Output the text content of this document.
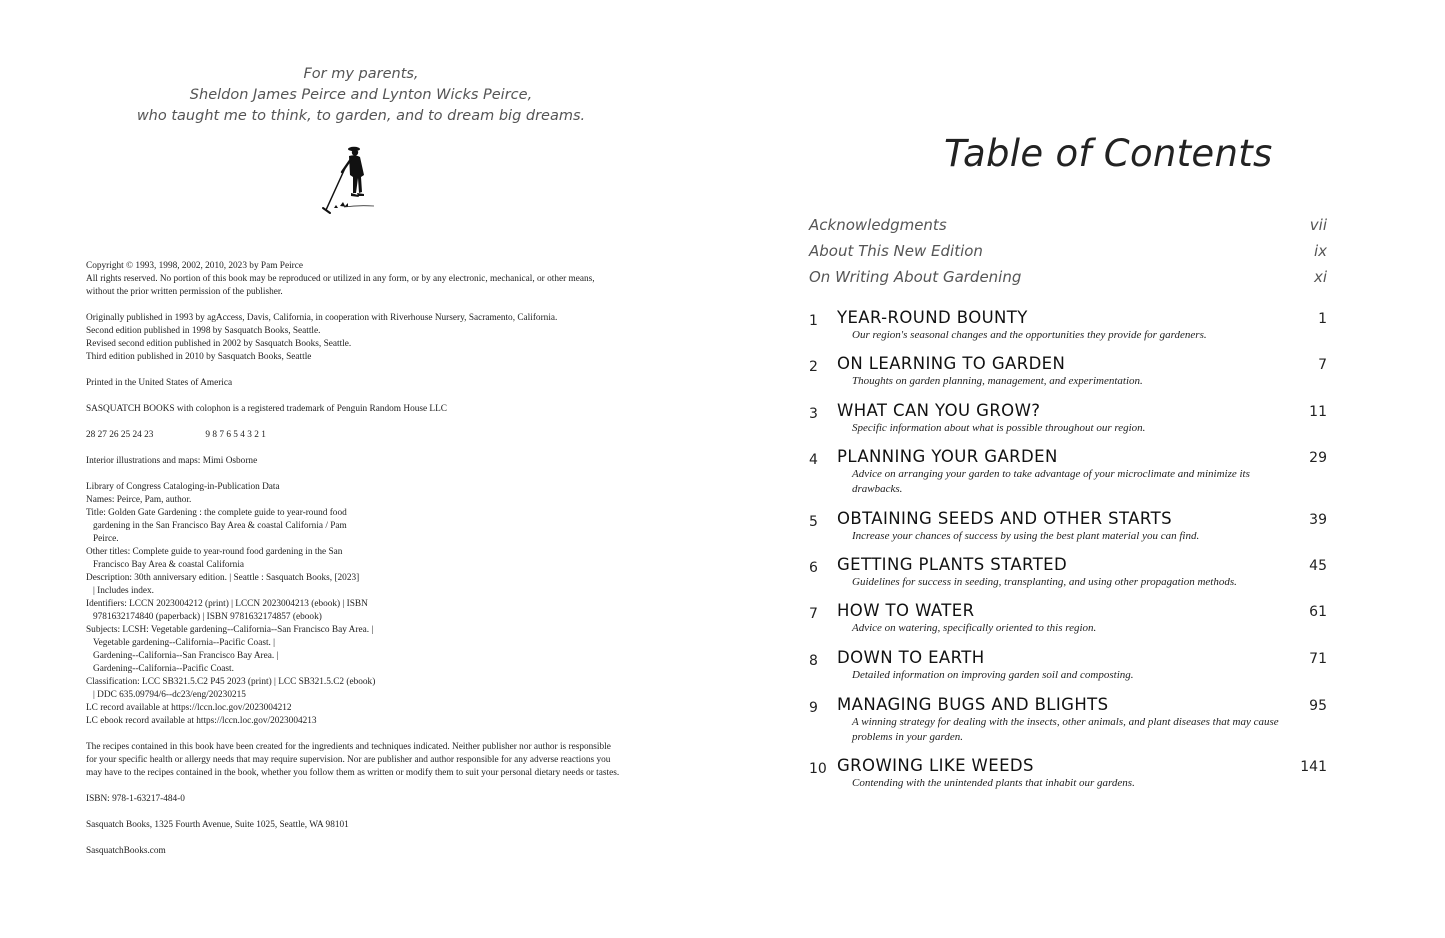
For my parents,
Sheldon James Peirce and Lynton Wicks Peirce,
who taught me to think, to garden, and to dream big dreams.
Copyright © 1993, 1998, 2002, 2010, 2023 by Pam Peirce
All rights reserved. No portion of this book may be reproduced or utilized in any form, or by any electronic, mechanical, or other means,
without the prior written permission of the publisher.
Originally published in 1993 by agAccess, Davis, California, in cooperation with Riverhouse Nursery, Sacramento, California.
Second edition published in 1998 by Sasquatch Books, Seattle.
Revised second edition published in 2002 by Sasquatch Books, Seattle.
Third edition published in 2010 by Sasquatch Books, Seattle
Printed in the United States of America
SASQUATCH BOOKS with colophon is a registered trademark of Penguin Random House LLC
28 27 26 25 24 23	9 8 7 6 5 4 3 2 1
Interior illustrations and maps: Mimi Osborne
Library of Congress Cataloging-in-Publication Data
Names: Peirce, Pam, author.
Title: Golden Gate Gardening : the complete guide to year-round food
gardening in the San Francisco Bay Area & coastal California / Pam
Peirce.
Other titles: Complete guide to year-round food gardening in the San
Francisco Bay Area & coastal California
Description: 30th anniversary edition. | Seattle : Sasquatch Books, [2023]
| Includes index.
Identifiers: LCCN 2023004212 (print) | LCCN 2023004213 (ebook) | ISBN
9781632174840 (paperback) | ISBN 9781632174857 (ebook)
Subjects: LCSH: Vegetable gardening--California--San Francisco Bay Area. |
Vegetable gardening--California--Pacific Coast. |
Gardening--California--San Francisco Bay Area. |
Gardening--California--Pacific Coast.
Classification: LCC SB321.5.C2 P45 2023 (print) | LCC SB321.5.C2 (ebook)
| DDC 635.09794/6--dc23/eng/20230215
LC record available at https://lccn.loc.gov/2023004212
LC ebook record available at https://lccn.loc.gov/2023004213
The recipes contained in this book have been created for the ingredients and techniques indicated. Neither publisher nor author is responsible
for your specific health or allergy needs that may require supervision. Nor are publisher and author responsible for any adverse reactions you
may have to the recipes contained in the book, whether you follow them as written or modify them to suit your personal dietary needs or tastes.
ISBN: 978-1-63217-484-0
Sasquatch Books, 1325 Fourth Avenue, Suite 1025, Seattle, WA 98101
SasquatchBooks.com
Table of Contents
Acknowledgments	vii
About This New Edition	ix
On Writing About Gardening	xi
1 YEAR-ROUND BOUNTY	1
Our region's seasonal changes and the opportunities they provide for gardeners.
2 ON LEARNING TO GARDEN	7
Thoughts on garden planning, management, and experimentation.
3 WHAT CAN YOU GROW?	11
Specific information about what is possible throughout our region.
4 PLANNING YOUR GARDEN	29
Advice on arranging your garden to take advantage of your microclimate and minimize its drawbacks.
5 OBTAINING SEEDS AND OTHER STARTS	39
Increase your chances of success by using the best plant material you can find.
6 GETTING PLANTS STARTED	45
Guidelines for success in seeding, transplanting, and using other propagation methods.
7 HOW TO WATER	61
Advice on watering, specifically oriented to this region.
8 DOWN TO EARTH	71
Detailed information on improving garden soil and composting.
9 MANAGING BUGS AND BLIGHTS	95
A winning strategy for dealing with the insects, other animals, and plant diseases that may cause problems in your garden.
10 GROWING LIKE WEEDS	141
Contending with the unintended plants that inhabit our gardens.
